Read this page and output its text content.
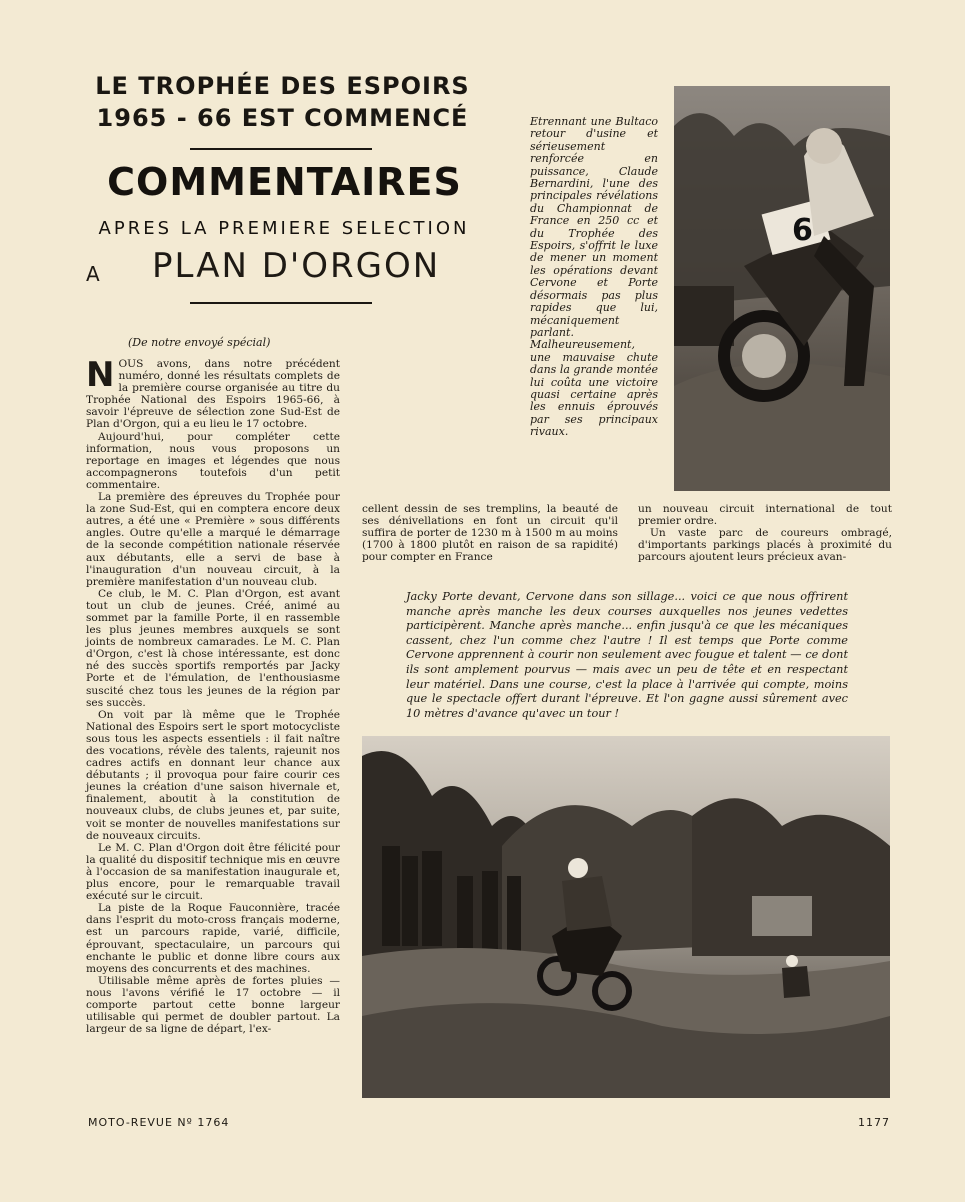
LE TROPHÉE DES ESPOIRS
1965 - 66 EST COMMENCÉ
COMMENTAIRES
APRES LA PREMIERE SELECTION
A PLAN D'ORGON
Etrennant une Bultaco retour d'usine et sérieusement renforcée en puissance, Claude Bernardini, l'une des principales révélations du Championnat de France en 250 cc et du Trophée des Espoirs, s'offrit le luxe de mener un moment les opérations devant Cervone et Porte désormais pas plus rapides que lui, mécaniquement parlant. Malheureusement, une mauvaise chute dans la grande montée lui coûta une victoire quasi certaine après les ennuis éprouvés par ses principaux rivaux.
6
(De notre envoyé spécial)

NOUS avons, dans notre précédent numéro, donné les résultats complets de la première course organisée au titre du Trophée National des Espoirs 1965-66, à savoir l'épreuve de sélection zone Sud-Est de Plan d'Orgon, qui a eu lieu le 17 octobre.

Aujourd'hui, pour compléter cette information, nous vous proposons un reportage en images et légendes que nous accompagnerons toutefois d'un petit commentaire.

La première des épreuves du Trophée pour la zone Sud-Est, qui en comptera encore deux autres, a été une « Première » sous différents angles. Outre qu'elle a marqué le démarrage de la seconde compétition nationale réservée aux débutants, elle a servi de base à l'inauguration d'un nouveau circuit, à la première manifestation d'un nouveau club.

Ce club, le M. C. Plan d'Orgon, est avant tout un club de jeunes. Créé, animé au sommet par la famille Porte, il en rassemble les plus jeunes membres auxquels se sont joints de nombreux camarades. Le M. C. Plan d'Orgon, c'est là chose intéressante, est donc né des succès sportifs remportés par Jacky Porte et de l'émulation, de l'enthousiasme suscité chez tous les jeunes de la région par ses succès.

On voit par là même que le Trophée National des Espoirs sert le sport motocycliste sous tous les aspects essentiels : il fait naître des vocations, révèle des talents, rajeunit nos cadres actifs en donnant leur chance aux débutants ; il provoqua pour faire courir ces jeunes la création d'une saison hivernale et, finalement, aboutit à la constitution de nouveaux clubs, de clubs jeunes et, par suite, voit se monter de nouvelles manifestations sur de nouveaux circuits.

Le M. C. Plan d'Orgon doit être félicité pour la qualité du dispositif technique mis en œuvre à l'occasion de sa manifestation inaugurale et, plus encore, pour le remarquable travail exécuté sur le circuit.

La piste de la Roque Fauconnière, tracée dans l'esprit du moto-cross français moderne, est un parcours rapide, varié, difficile, éprouvant, spectaculaire, un parcours qui enchante le public et donne libre cours aux moyens des concurrents et des machines.

Utilisable même après de fortes pluies — nous l'avons vérifié le 17 octobre — il comporte partout cette bonne largeur utilisable qui permet de doubler partout. La largeur de sa ligne de départ, l'ex-

cellent dessin de ses tremplins, la beauté de ses dénivellations en font un circuit qu'il suffira de porter de 1230 m à 1500 m au moins (1700 à 1800 plutôt en raison de sa rapidité) pour compter en France

un nouveau circuit international de tout premier ordre.

Un vaste parc de coureurs ombragé, d'importants parkings placés à proximité du parcours ajoutent leurs précieux avan-

Jacky Porte devant, Cervone dans son sillage... voici ce que nous offrirent manche après manche les deux courses auxquelles nos jeunes vedettes participèrent. Manche après manche... enfin jusqu'à ce que les mécaniques cassent, chez l'un comme chez l'autre ! Il est temps que Porte comme Cervone apprennent à courir non seulement avec fougue et talent — ce dont ils sont amplement pourvus — mais avec un peu de tête et en respectant leur matériel. Dans une course, c'est la place à l'arrivée qui compte, moins que le spectacle offert durant l'épreuve. Et l'on gagne aussi sûrement avec 10 mètres d'avance qu'avec un tour !
MOTO-REVUE Nº 1764	1177
